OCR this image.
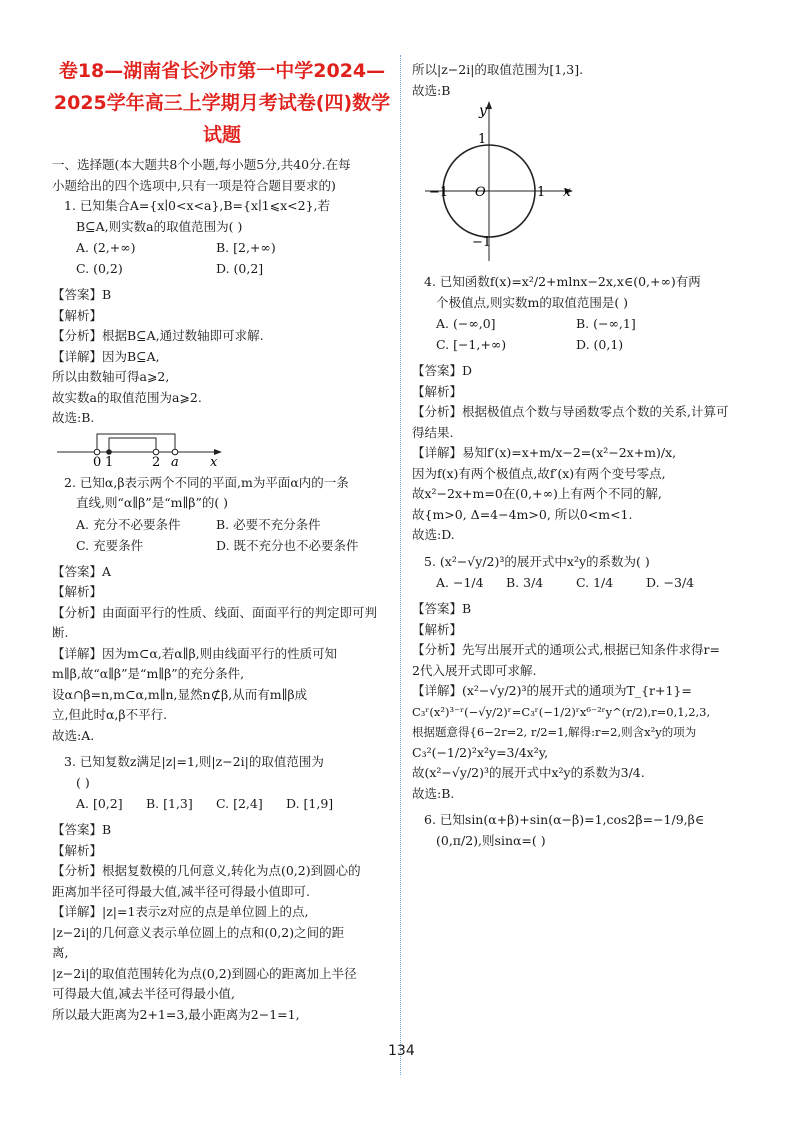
卷18—湖南省长沙市第一中学2024—
2025学年高三上学期月考试卷(四)数学
试题
一、选择题(本大题共8个小题,每小题5分,共40分.在每
小题给出的四个选项中,只有一项是符合题目要求的)
1. 已知集合A={x∣0<x<a},B={x∣1⩽x<2},若
B⊆A,则实数a的取值范围为( )
A. (2,+∞)	B. [2,+∞)
C. (0,2)	D. (0,2]
【答案】B
【解析】
【分析】根据B⊆A,通过数轴即可求解.
【详解】因为B⊆A,
所以由数轴可得a⩾2,
故实数a的取值范围为a⩾2.
故选:B.
0 1	2 a x
2. 已知α,β表示两个不同的平面,m为平面α内的一条
直线,则“α∥β”是“m∥β”的( )
A. 充分不必要条件	B. 必要不充分条件
C. 充要条件	D. 既不充分也不必要条件
【答案】A
【解析】
【分析】由面面平行的性质、线面、面面平行的判定即可判
断.
【详解】因为m⊂α,若α∥β,则由线面平行的性质可知
m∥β,故“α∥β”是“m∥β”的充分条件,
设α∩β=n,m⊂α,m∥n,显然n⊄β,从而有m∥β成
立,但此时α,β不平行.
故选:A.
3. 已知复数z满足|z|=1,则|z−2i|的取值范围为
( )
A. [0,2]	B. [1,3]	C. [2,4]	D. [1,9]
【答案】B
【解析】
【分析】根据复数模的几何意义,转化为点(0,2)到圆心的
距离加半径可得最大值,减半径可得最小值即可.
【详解】|z|=1表示z对应的点是单位圆上的点,
|z−2i|的几何意义表示单位圆上的点和(0,2)之间的距
离,
|z−2i|的取值范围转化为点(0,2)到圆心的距离加上半径
可得最大值,减去半径可得最小值,
所以最大距离为2+1=3,最小距离为2−1=1,
所以|z−2i|的取值范围为[1,3].
故选:B
y
1
−1 O	1 x
−1
4. 已知函数f(x)=x²/2+mlnx−2x,x∈(0,+∞)有两
个极值点,则实数m的取值范围是( )
A. (−∞,0]	B. (−∞,1]
C. [−1,+∞)	D. (0,1)
【答案】D
【解析】
【分析】根据极值点个数与导函数零点个数的关系,计算可
得结果.
【详解】易知f′(x)=x+m/x−2=(x²−2x+m)/x,
因为f(x)有两个极值点,故f′(x)有两个变号零点,
故x²−2x+m=0在(0,+∞)上有两个不同的解,
故{m>0, Δ=4−4m>0, 所以0<m<1.
故选:D.
5. (x²−√y/2)³的展开式中x²y的系数为( )
A. −1/4	B. 3/4	C. 1/4	D. −3/4
【答案】B
【解析】
【分析】先写出展开式的通项公式,根据已知条件求得r=
2代入展开式即可求解.
【详解】(x²−√y/2)³的展开式的通项为T_{r+1}=
C₃ʳ(x²)³⁻ʳ(−√y/2)ʳ=C₃ʳ(−1/2)ʳx⁶⁻²ʳy^(r/2),r=0,1,2,3,
根据题意得{6−2r=2, r/2=1,解得:r=2,则含x²y的项为
C₃²(−1/2)²x²y=3/4x²y,
故(x²−√y/2)³的展开式中x²y的系数为3/4.
故选:B.
6. 已知sin(α+β)+sin(α−β)=1,cos2β=−1/9,β∈
(0,π/2),则sinα=( )
134
